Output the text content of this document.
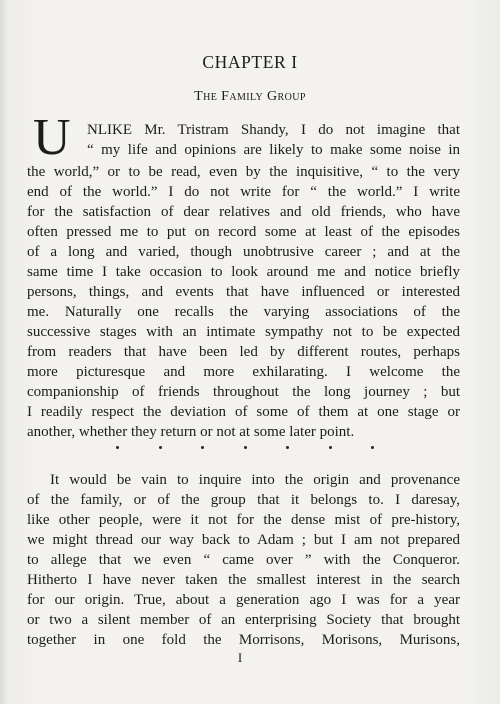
CHAPTER I
The Family Group
U NLIKE Mr. Tristram Shandy, I do not imagine that
“ my life and opinions are likely to make some noise in
the world,” or to be read, even by the inquisitive, “ to the very
end of the world.” I do not write for “ the world.” I write
for the satisfaction of dear relatives and old friends, who have
often pressed me to put on record some at least of the episodes
of a long and varied, though unobtrusive career ; and at the
same time I take occasion to look around me and notice briefly
persons, things, and events that have influenced or interested
me. Naturally one recalls the varying associations of the
successive stages with an intimate sympathy not to be expected
from readers that have been led by different routes, perhaps
more picturesque and more exhilarating. I welcome the
companionship of friends throughout the long journey ; but
I readily respect the deviation of some of them at one stage or
another, whether they return or not at some later point.
It would be vain to inquire into the origin and provenance
of the family, or of the group that it belongs to. I daresay,
like other people, were it not for the dense mist of pre-history,
we might thread our way back to Adam ; but I am not prepared
to allege that we even “ came over ” with the Conqueror.
Hitherto I have never taken the smallest interest in the search
for our origin. True, about a generation ago I was for a year
or two a silent member of an enterprising Society that brought
together in one fold the Morrisons, Morisons, Murisons,
I
